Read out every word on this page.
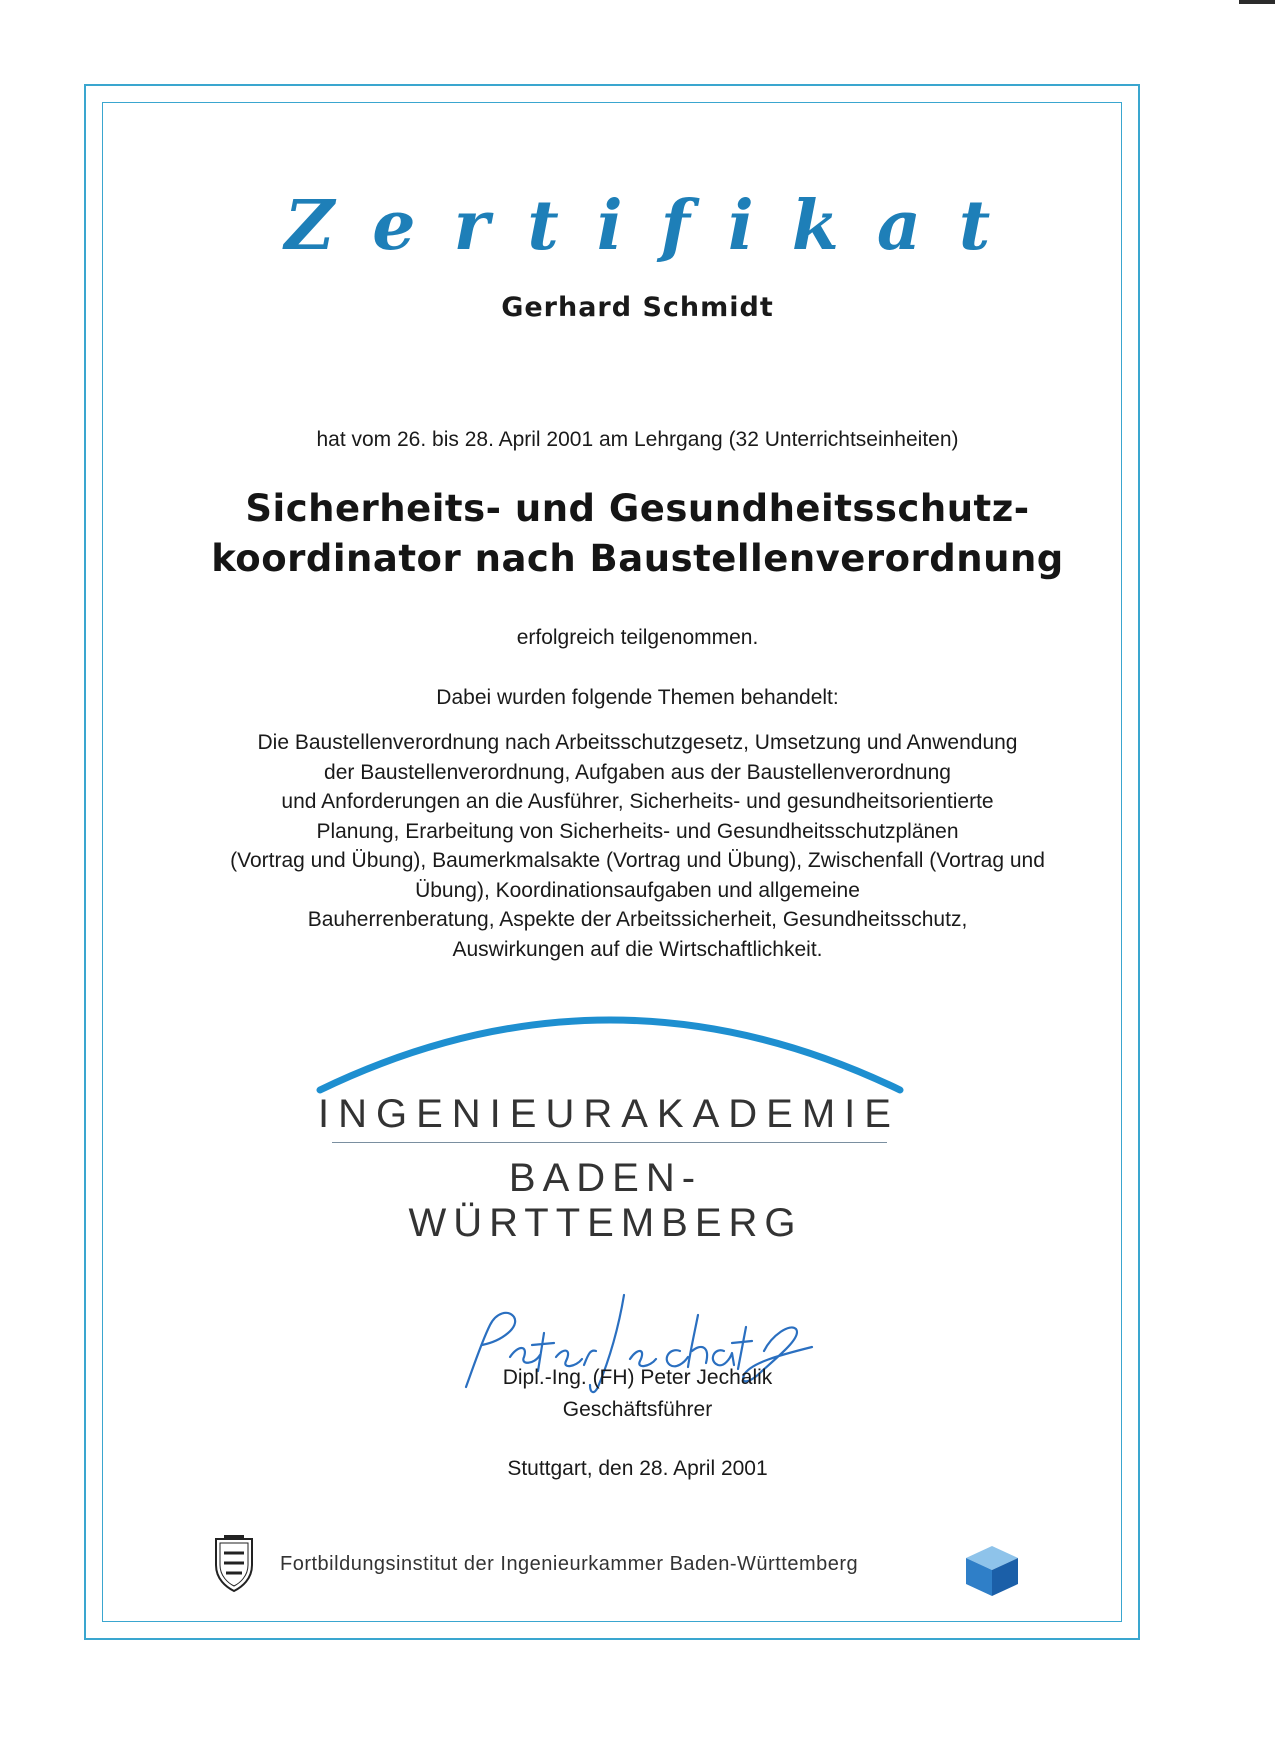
Zertifikat
Gerhard Schmidt
hat vom 26. bis 28. April 2001 am Lehrgang (32 Unterrichtseinheiten)
Sicherheits- und Gesundheitsschutz-
koordinator nach Baustellenverordnung
erfolgreich teilgenommen.
Dabei wurden folgende Themen behandelt:
Die Baustellenverordnung nach Arbeitsschutzgesetz, Umsetzung und Anwendung
der Baustellenverordnung, Aufgaben aus der Baustellenverordnung
und Anforderungen an die Ausführer, Sicherheits- und gesundheitsorientierte
Planung, Erarbeitung von Sicherheits- und Gesundheitsschutzplänen
(Vortrag und Übung), Baumerkmalsakte (Vortrag und Übung), Zwischenfall (Vortrag und
Übung), Koordinationsaufgaben und allgemeine
Bauherrenberatung, Aspekte der Arbeitssicherheit, Gesundheitsschutz,
Auswirkungen auf die Wirtschaftlichkeit.
INGENIEURAKADEMIE
BADEN-WÜRTTEMBERG
Dipl.-Ing. (FH) Peter Jechalik
Geschäftsführer
Stuttgart, den 28. April 2001
Fortbildungsinstitut der Ingenieurkammer Baden-Württemberg
